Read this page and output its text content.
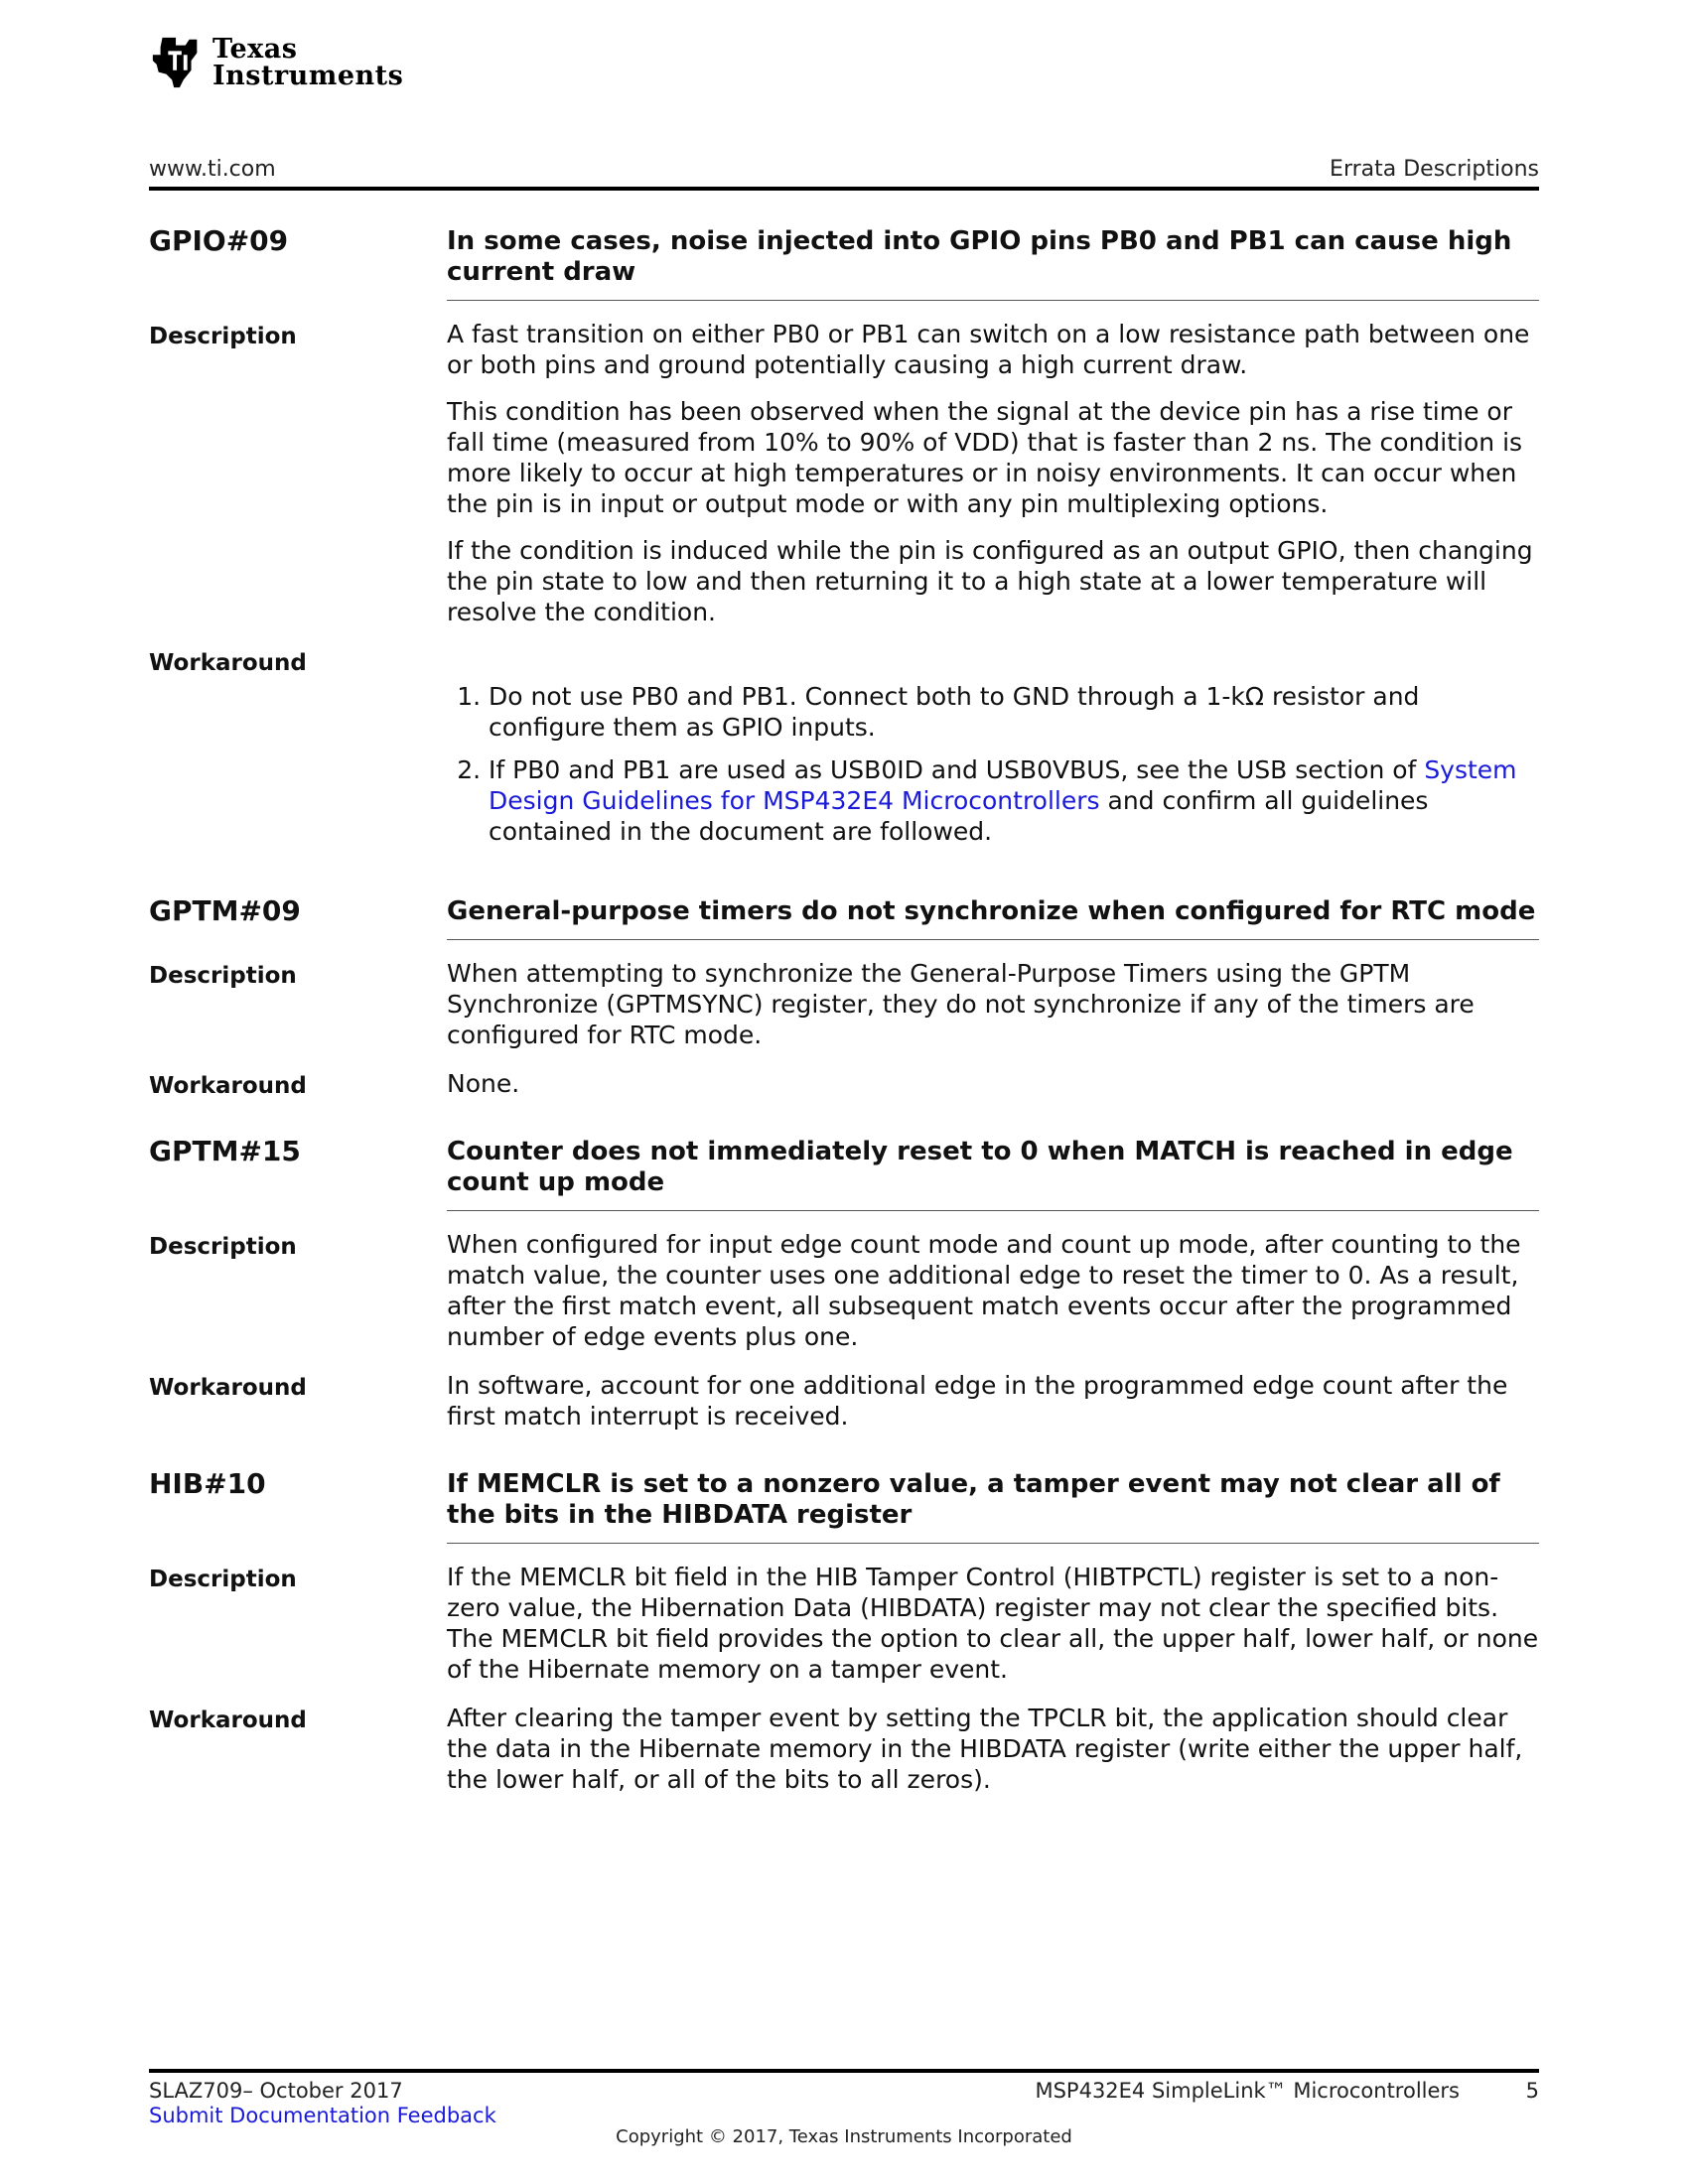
Texas
Instruments
www.ti.com	Errata Descriptions
GPIO#09	In some cases, noise injected into GPIO pins PB0 and PB1 can cause high current draw
Description	A fast transition on either PB0 or PB1 can switch on a low resistance path between one or both pins and ground potentially causing a high current draw.

This condition has been observed when the signal at the device pin has a rise time or fall time (measured from 10% to 90% of VDD) that is faster than 2 ns. The condition is more likely to occur at high temperatures or in noisy environments. It can occur when the pin is in input or output mode or with any pin multiplexing options.

If the condition is induced while the pin is configured as an output GPIO, then changing the pin state to low and then returning it to a high state at a lower temperature will resolve the condition.

Workaround
1. Do not use PB0 and PB1. Connect both to GND through a 1-kΩ resistor and configure them as GPIO inputs.
2. If PB0 and PB1 are used as USB0ID and USB0VBUS, see the USB section of System Design Guidelines for MSP432E4 Microcontrollers and confirm all guidelines contained in the document are followed.
GPTM#09	General-purpose timers do not synchronize when configured for RTC mode
Description	When attempting to synchronize the General-Purpose Timers using the GPTM Synchronize (GPTMSYNC) register, they do not synchronize if any of the timers are configured for RTC mode.

Workaround	None.

GPTM#15	Counter does not immediately reset to 0 when MATCH is reached in edge count up mode
Description	When configured for input edge count mode and count up mode, after counting to the match value, the counter uses one additional edge to reset the timer to 0. As a result, after the first match event, all subsequent match events occur after the programmed number of edge events plus one.

Workaround	In software, account for one additional edge in the programmed edge count after the first match interrupt is received.

HIB#10	If MEMCLR is set to a nonzero value, a tamper event may not clear all of the bits in the HIBDATA register
Description	If the MEMCLR bit field in the HIB Tamper Control (HIBTPCTL) register is set to a non-zero value, the Hibernation Data (HIBDATA) register may not clear the specified bits. The MEMCLR bit field provides the option to clear all, the upper half, lower half, or none of the Hibernate memory on a tamper event.

Workaround	After clearing the tamper event by setting the TPCLR bit, the application should clear the data in the Hibernate memory in the HIBDATA register (write either the upper half, the lower half, or all of the bits to all zeros).

SLAZ709– October 2017
Submit Documentation Feedback
MSP432E4 SimpleLink™ Microcontrollers	5
Copyright © 2017, Texas Instruments Incorporated
